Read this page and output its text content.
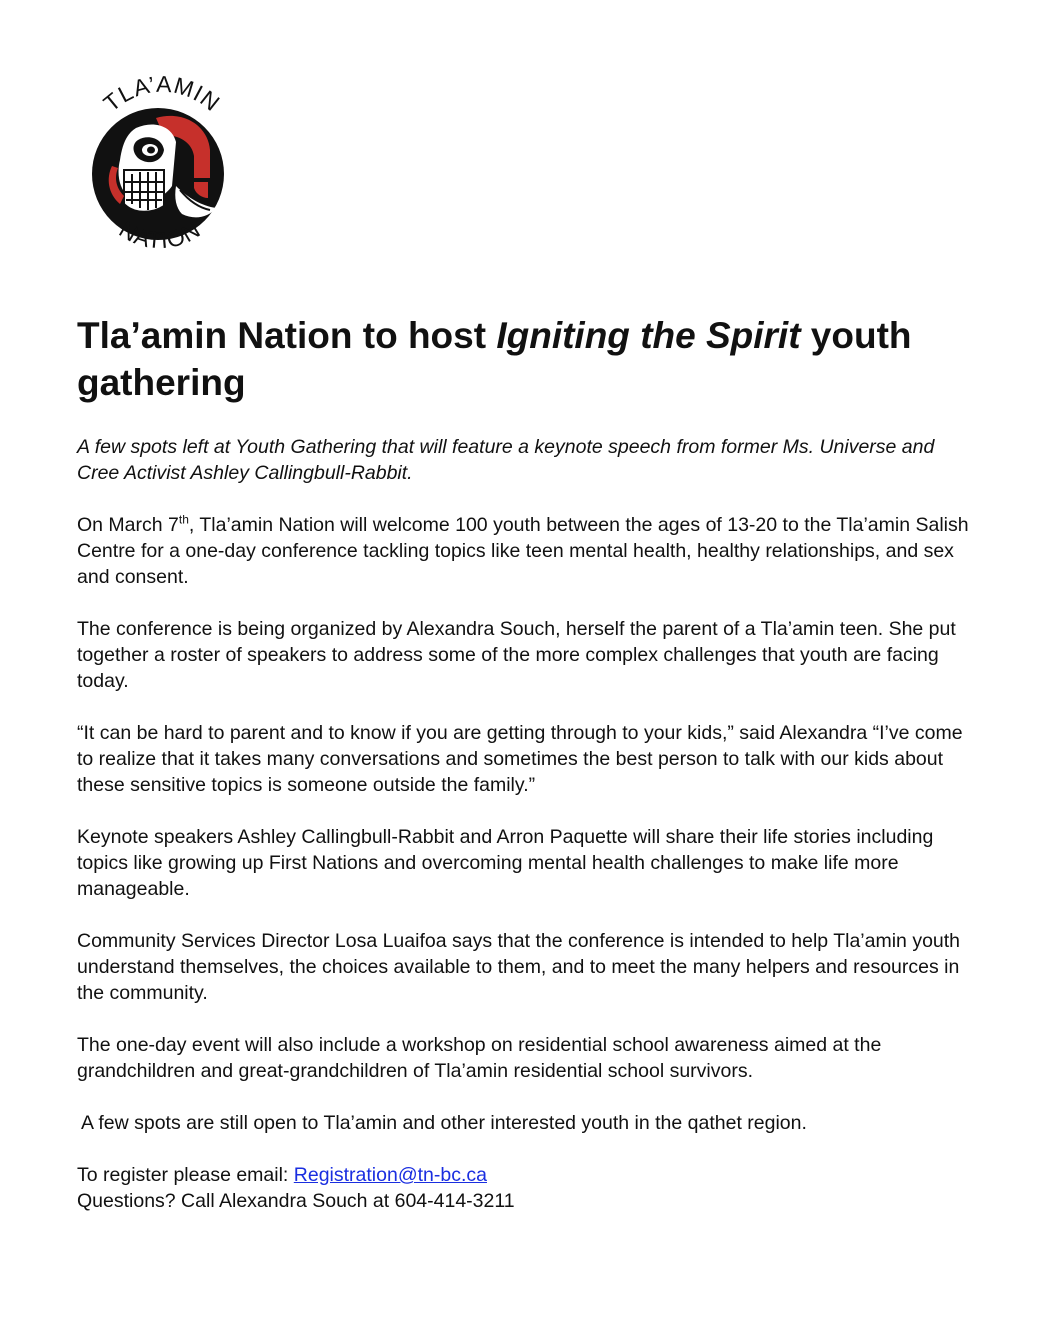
TLA’AMIN
NATION
Tla’amin Nation to host Igniting the Spirit youth gathering

A few spots left at Youth Gathering that will feature a keynote speech from former Ms. Universe and Cree Activist Ashley Callingbull-Rabbit.

On March 7th, Tla’amin Nation will welcome 100 youth between the ages of 13-20 to the Tla’amin Salish Centre for a one-day conference tackling topics like teen mental health, healthy relationships, and sex and consent.

The conference is being organized by Alexandra Souch, herself the parent of a Tla’amin teen. She put together a roster of speakers to address some of the more complex challenges that youth are facing today.

“It can be hard to parent and to know if you are getting through to your kids,” said Alexandra “I’ve come to realize that it takes many conversations and sometimes the best person to talk with our kids about these sensitive topics is someone outside the family.”

Keynote speakers Ashley Callingbull-Rabbit and Arron Paquette will share their life stories including topics like growing up First Nations and overcoming mental health challenges to make life more manageable.

Community Services Director Losa Luaifoa says that the conference is intended to help Tla’amin youth understand themselves, the choices available to them, and to meet the many helpers and resources in the community.

The one-day event will also include a workshop on residential school awareness aimed at the grandchildren and great-grandchildren of Tla’amin residential school survivors.

A few spots are still open to Tla’amin and other interested youth in the qathet region.

To register please email: Registration@tn-bc.ca
Questions? Call Alexandra Souch at 604-414-3211
